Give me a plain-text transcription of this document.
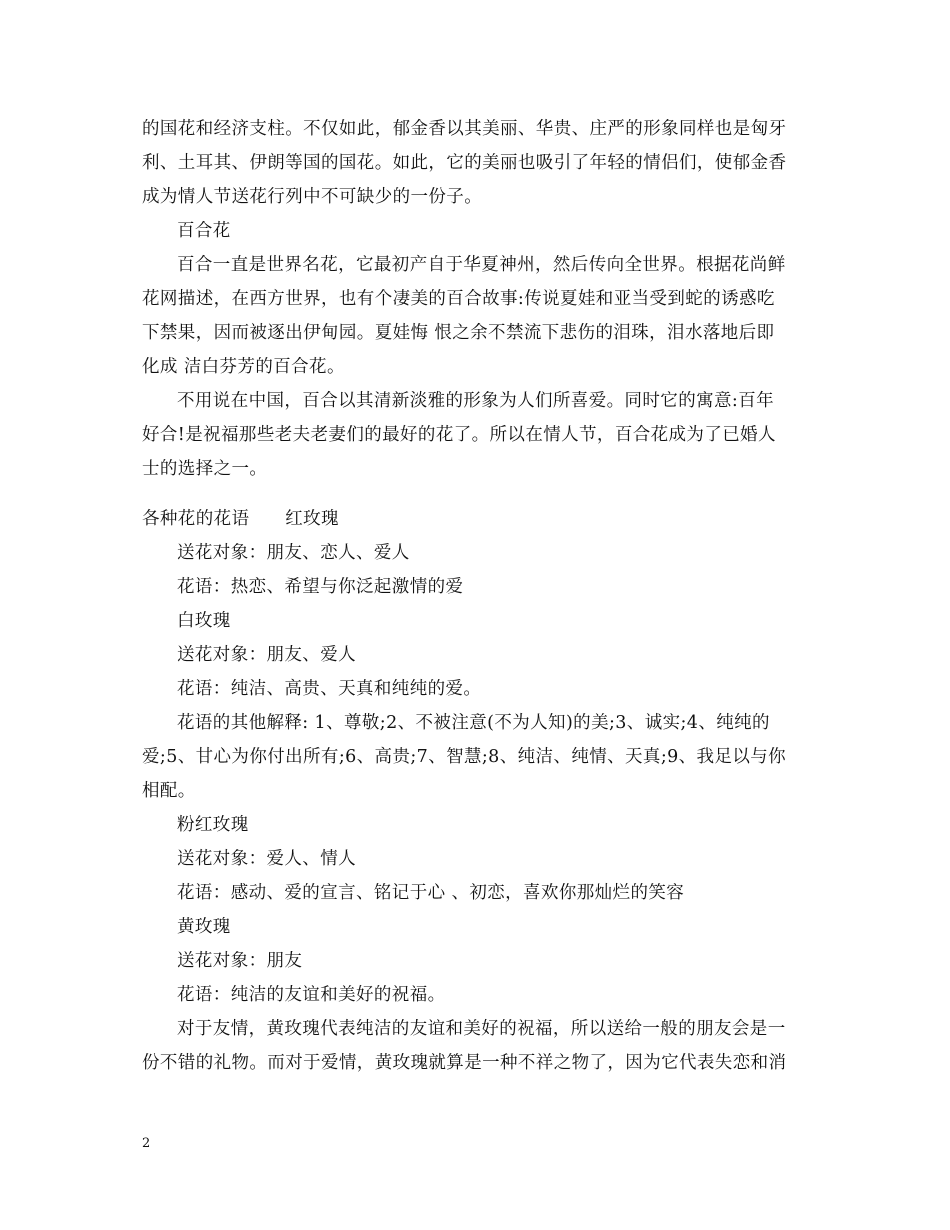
的国花和经济支柱。不仅如此，郁金香以其美丽、华贵、庄严的形象同样也是匈牙
利、土耳其、伊朗等国的国花。如此，它的美丽也吸引了年轻的情侣们，使郁金香
成为情人节送花行列中不可缺少的一份子。
百合花
百合一直是世界名花，它最初产自于华夏神州，然后传向全世界。根据花尚鲜
花网描述，在西方世界，也有个凄美的百合故事:传说夏娃和亚当受到蛇的诱惑吃
下禁果，因而被逐出伊甸园。夏娃悔 恨之余不禁流下悲伤的泪珠，泪水落地后即
化成 洁白芬芳的百合花。
不用说在中国，百合以其清新淡雅的形象为人们所喜爱。同时它的寓意:百年
好合!是祝福那些老夫老妻们的最好的花了。所以在情人节，百合花成为了已婚人
士的选择之一。
各种花的花语　　红玫瑰
送花对象：朋友、恋人、爱人
花语：热恋、希望与你泛起激情的爱
白玫瑰
送花对象：朋友、爱人
花语：纯洁、高贵、天真和纯纯的爱。
花语的其他解释: 1、尊敬;2、不被注意(不为人知)的美;3、诚实;4、纯纯的
爱;5、甘心为你付出所有;6、高贵;7、智慧;8、纯洁、纯情、天真;9、我足以与你
相配。
粉红玫瑰
送花对象：爱人、情人
花语：感动、爱的宣言、铭记于心 、初恋，喜欢你那灿烂的笑容
黄玫瑰
送花对象：朋友
花语：纯洁的友谊和美好的祝福。
对于友情，黄玫瑰代表纯洁的友谊和美好的祝福，所以送给一般的朋友会是一
份不错的礼物。而对于爱情，黄玫瑰就算是一种不祥之物了，因为它代表失恋和消
2
